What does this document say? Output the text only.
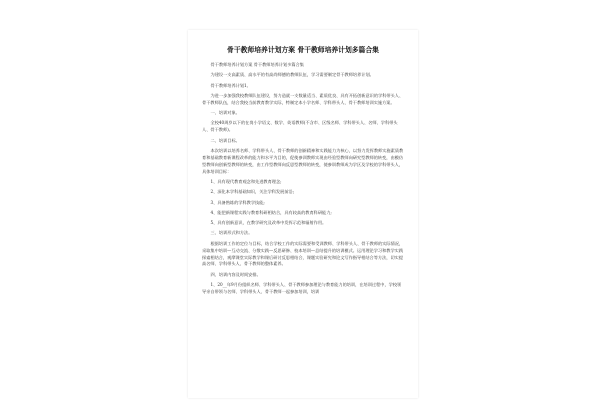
骨干教师培养计划方案 骨干教师培养计划多篇合集

骨干教师培养计划方案 骨干教师培养计划多篇合集

为建设一支高素质、高水平的有高尚师德的教师队伍，学习需要制定骨干教师培养计划。

骨干教师培养计划1。

为进一步加强我校教师队伍建设，努力造就一支数量适当、素质优良、具有开拓创新意识的学科带头人、骨干教师队伍，结合我校当前教育教学实际，特制定本小学名师、学科带头人、骨干教师培训实施方案。

一、培训对象。

全校40周岁以下的在岗小学语文、数学、英语教师(不含市、区级名师、学科带头人、名师、学科带头人、骨干教师)。

二、培训目标。

本次培训以培养名师、学科带头人、骨干教师的创新精神和实践能力为核心，以努力发挥教师实施素质教育和基础教育新课程改革的能力和水平为目的，促使参训教师实现由经验型教师向研究型教师的转变，由模仿型教师向创新型教师的转变，由工作型教师向反思型教师的转变，使参训教师成为学区及学校的学科带头人，具体培训目标：

1、具有现代教育观念和先进教育理念;

2、深化本学科基础知识，关注学科发展前沿;

3、具备熟练的学科教学技能;

4、能把新课程实践与教育科研相结合，具有较高的教育科研能力;

5、具有创新意识，在教学研究及改革中发挥示范和辐射作用。

三、培训形式和方法。

根据培训工作的定位与目标，结合学校工作的实际需要和受训教师、学科带头人、骨干教师的实际情况，采取集中培训—互动交流、分散实践—反思研修、校本培训—总结提升的培训模式。运用理论学习和教学实践探索相结合，观摩课堂实际教学和课后研讨反思相结合，课题实验研究和论文写作指导相结合等方法，切实提高名师、学科带头人、骨干教师的整体素养。

四、培训内容及时间安排。

1、20__年9月份组织名师、学科带头人、骨干教师参加理论与教育能力的培训，在培训过程中，学校领导亲自带领与名师、学科带头人、骨干教师一起参加培训，培训
